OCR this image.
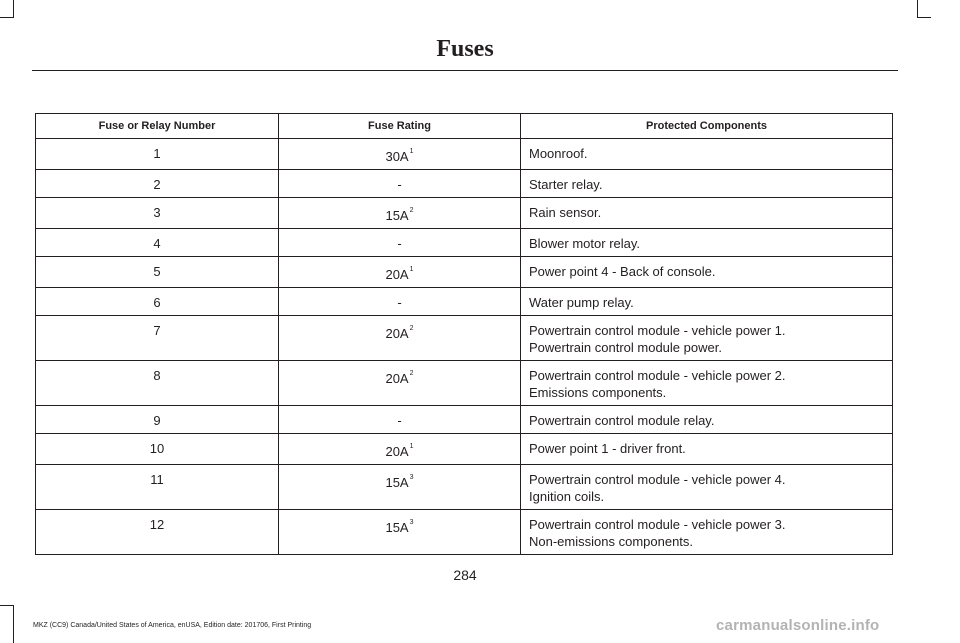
Fuses
Fuse or Relay Number	Fuse Rating	Protected Components
1	$30A^1$	Moonroof.

2	-	Starter relay.

3	$15A^2$	Rain sensor.

4	-	Blower motor relay.

5	$20A^1$	Power point 4 - Back of console.

6	-	Water pump relay.

7	$20A^2$	Powertrain control module - vehicle power 1.
Powertrain control module power.

8	$20A^2$	Powertrain control module - vehicle power 2.
Emissions components.

9	-	Powertrain control module relay.

10	$20A^1$	Power point 1 - driver front.

11	$15A^3$	Powertrain control module - vehicle power 4.
Ignition coils.

12	$15A^3$	Powertrain control module - vehicle power 3.
Non-emissions components.
284
MKZ (CC9) Canada/United States of America, enUSA, Edition date: 201706, First Printing	carmanualsonline.info
